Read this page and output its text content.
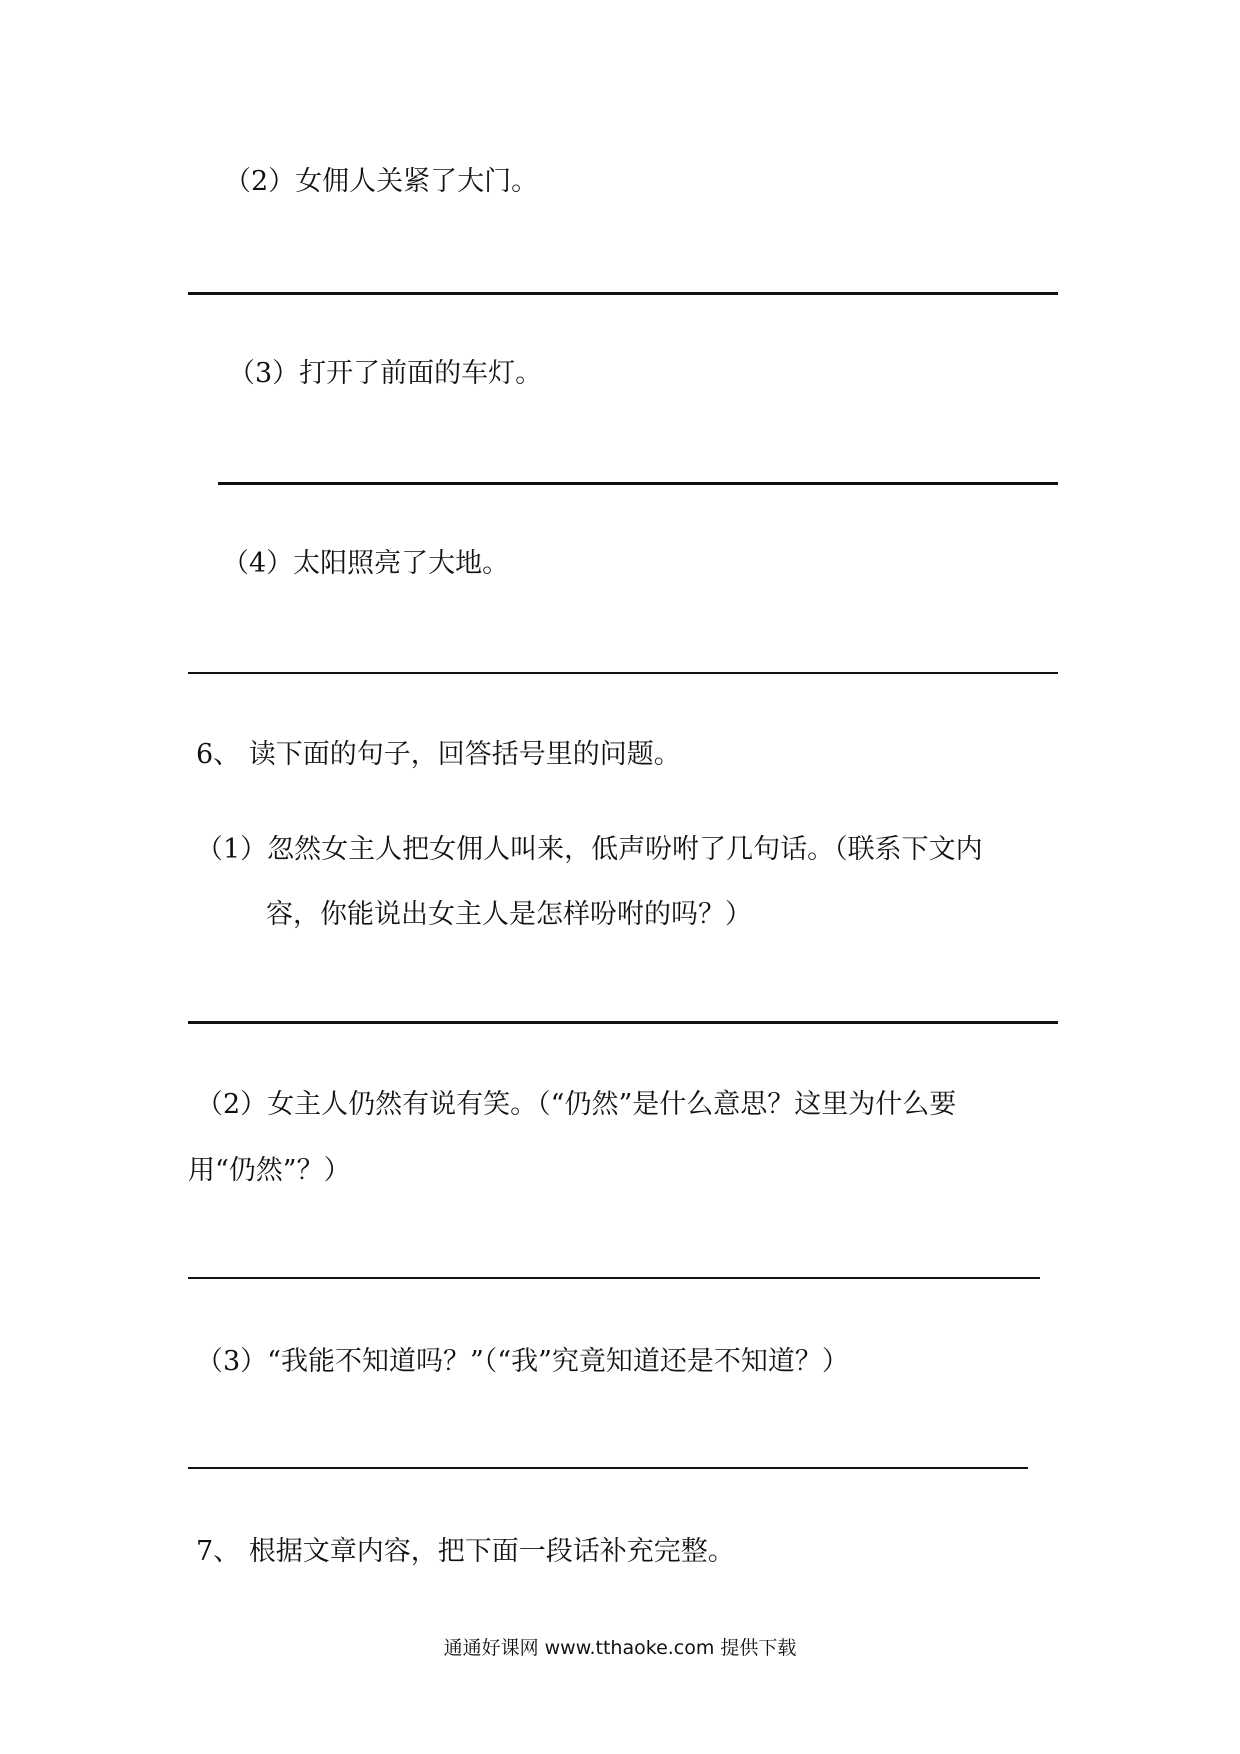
（2）女佣人关紧了大门。

（3）打开了前面的车灯。

（4）太阳照亮了大地。

6、 读下面的句子，回答括号里的问题。

（1）忽然女主人把女佣人叫来，低声吩咐了几句话。（联系下文内

容，你能说出女主人是怎样吩咐的吗？）

（2）女主人仍然有说有笑。（“仍然”是什么意思？这里为什么要

用“仍然”？）

（3）“我能不知道吗？”（“我”究竟知道还是不知道？）

7、 根据文章内容，把下面一段话补充完整。

通通好课网 www.tthaoke.com 提供下载
